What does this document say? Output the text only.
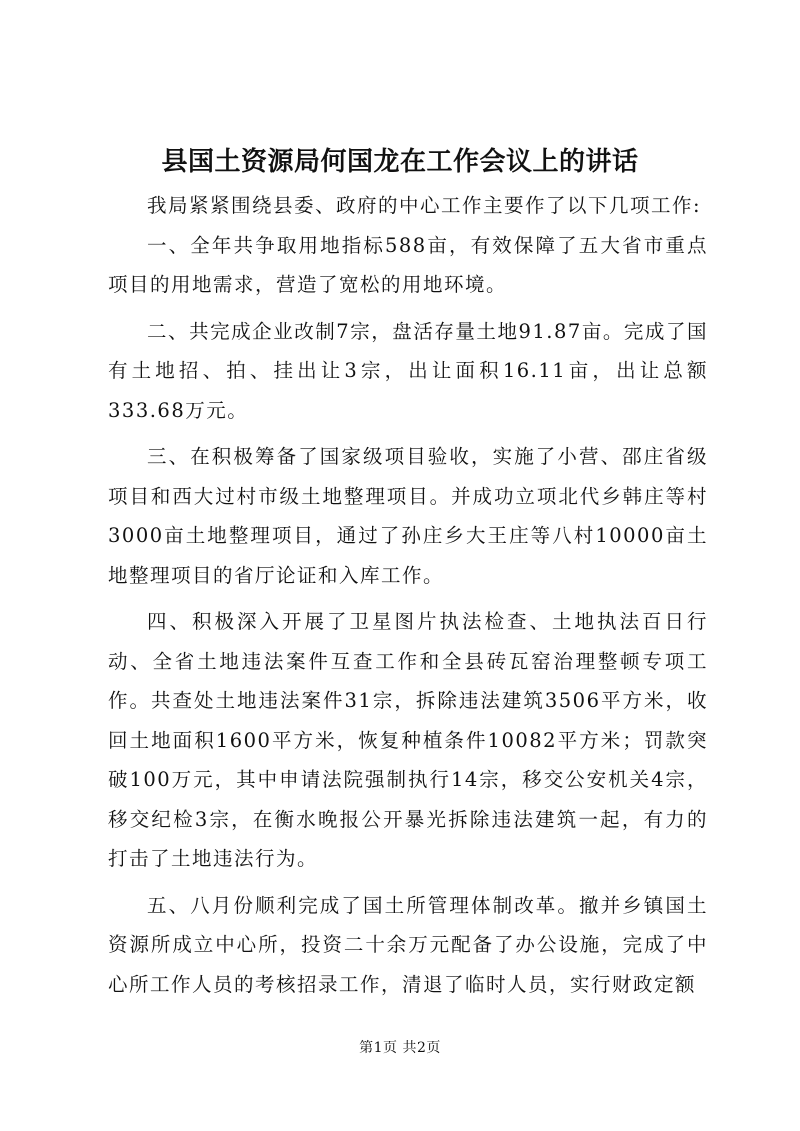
县国土资源局何国龙在工作会议上的讲话

我局紧紧围绕县委、政府的中心工作主要作了以下几项工作:

一、全年共争取用地指标588亩，有效保障了五大省市重点项目的用地需求，营造了宽松的用地环境。

二、共完成企业改制7宗，盘活存量土地91.87亩。完成了国有土地招、拍、挂出让3宗，出让面积16.11亩，出让总额333.68万元。

三、在积极筹备了国家级项目验收，实施了小营、邵庄省级项目和西大过村市级土地整理项目。并成功立项北代乡韩庄等村3000亩土地整理项目，通过了孙庄乡大王庄等八村10000亩土地整理项目的省厅论证和入库工作。

四、积极深入开展了卫星图片执法检查、土地执法百日行动、全省土地违法案件互查工作和全县砖瓦窑治理整顿专项工作。共查处土地违法案件31宗，拆除违法建筑3506平方米，收回土地面积1600平方米，恢复种植条件10082平方米；罚款突破100万元，其中申请法院强制执行14宗，移交公安机关4宗，移交纪检3宗，在衡水晚报公开暴光拆除违法建筑一起，有力的打击了土地违法行为。

五、八月份顺利完成了国土所管理体制改革。撤并乡镇国土资源所成立中心所，投资二十余万元配备了办公设施，完成了中心所工作人员的考核招录工作，清退了临时人员，实行财政定额

第1页 共2页
